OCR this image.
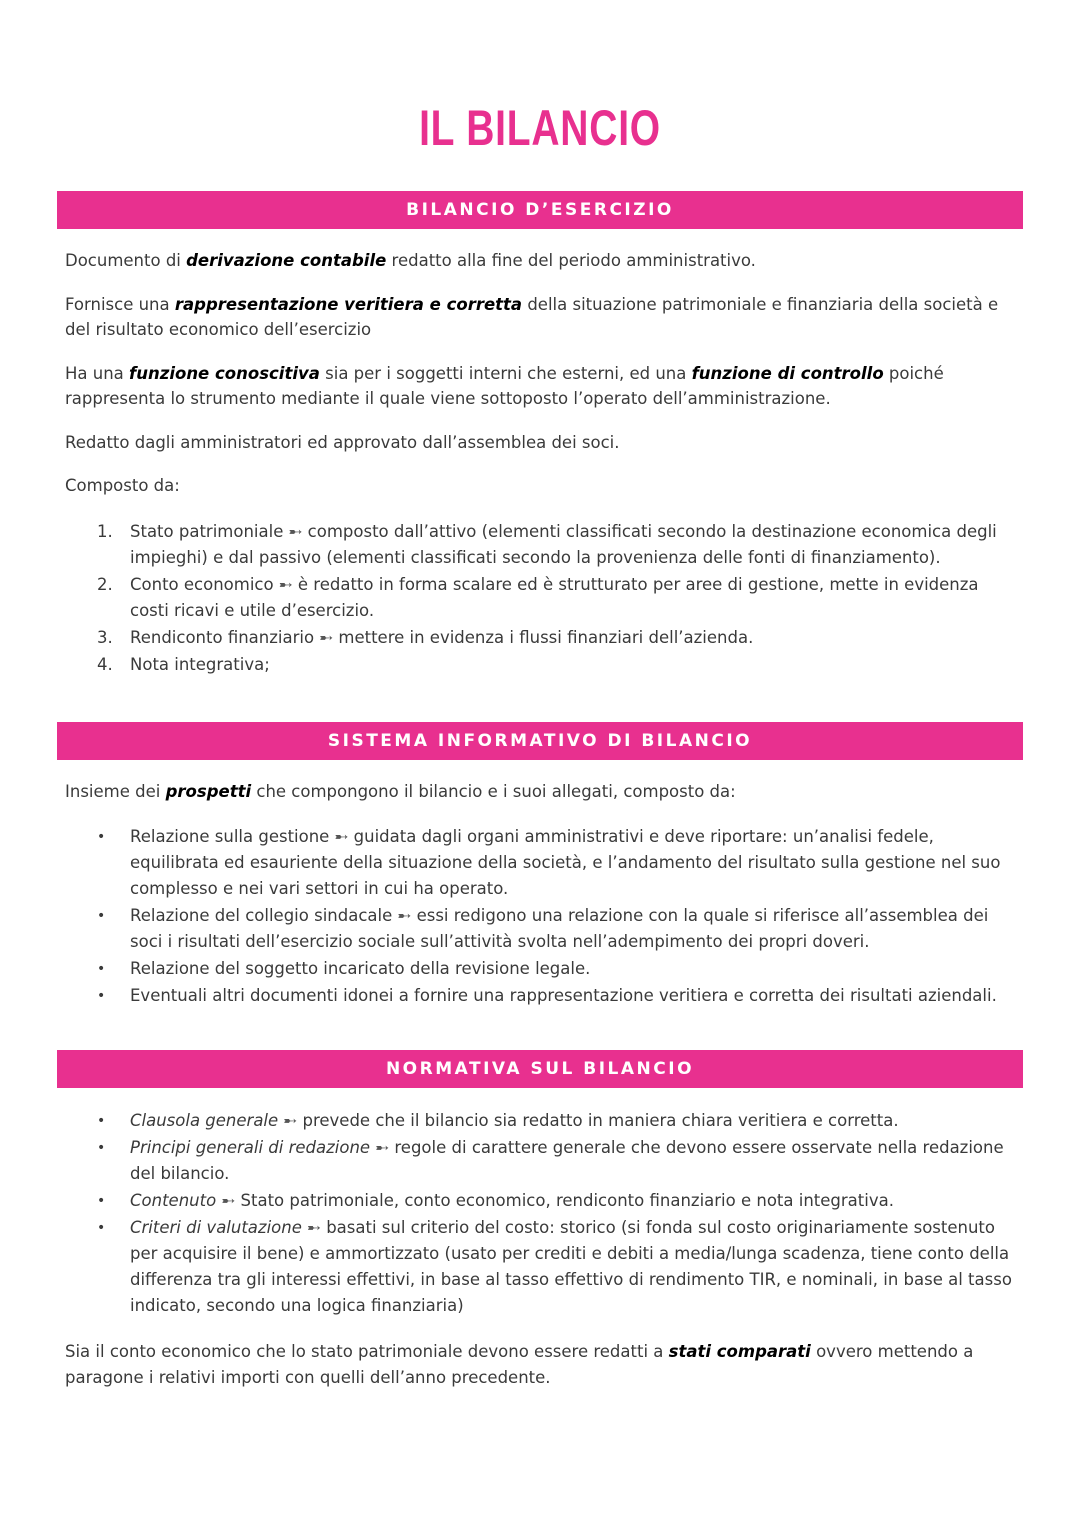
IL BILANCIO
BILANCIO D’ESERCIZIO

Documento di derivazione contabile redatto alla fine del periodo amministrativo.

Fornisce una rappresentazione veritiera e corretta della situazione patrimoniale e finanziaria della società e del risultato economico dell’esercizio

Ha una funzione conoscitiva sia per i soggetti interni che esterni, ed una funzione di controllo poiché rappresenta lo strumento mediante il quale viene sottoposto l’operato dell’amministrazione.

Redatto dagli amministratori ed approvato dall’assemblea dei soci.

Composto da:

1.	Stato patrimoniale ➸ composto dall’attivo (elementi classificati secondo la destinazione economica degli impieghi) e dal passivo (elementi classificati secondo la provenienza delle fonti di finanziamento).
2.	Conto economico ➸ è redatto in forma scalare ed è strutturato per aree di gestione, mette in evidenza costi ricavi e utile d’esercizio.
3.	Rendiconto finanziario ➸ mettere in evidenza i flussi finanziari dell’azienda.
4.	Nota integrativa;
SISTEMA INFORMATIVO DI BILANCIO

Insieme dei prospetti che compongono il bilancio e i suoi allegati, composto da:

•	Relazione sulla gestione ➸ guidata dagli organi amministrativi e deve riportare: un’analisi fedele, equilibrata ed esauriente della situazione della società, e l’andamento del risultato sulla gestione nel suo complesso e nei vari settori in cui ha operato.
•	Relazione del collegio sindacale ➸ essi redigono una relazione con la quale si riferisce all’assemblea dei soci i risultati dell’esercizio sociale sull’attività svolta nell’adempimento dei propri doveri.
•	Relazione del soggetto incaricato della revisione legale.
•	Eventuali altri documenti idonei a fornire una rappresentazione veritiera e corretta dei risultati aziendali.
NORMATIVA SUL BILANCIO
•	Clausola generale ➸ prevede che il bilancio sia redatto in maniera chiara veritiera e corretta.
•	Principi generali di redazione ➸ regole di carattere generale che devono essere osservate nella redazione del bilancio.
•	Contenuto ➸ Stato patrimoniale, conto economico, rendiconto finanziario e nota integrativa.
•	Criteri di valutazione ➸ basati sul criterio del costo: storico (si fonda sul costo originariamente sostenuto per acquisire il bene) e ammortizzato (usato per crediti e debiti a media/lunga scadenza, tiene conto della differenza tra gli interessi effettivi, in base al tasso effettivo di rendimento TIR, e nominali, in base al tasso indicato, secondo una logica finanziaria)

Sia il conto economico che lo stato patrimoniale devono essere redatti a stati comparati ovvero mettendo a paragone i relativi importi con quelli dell’anno precedente.
